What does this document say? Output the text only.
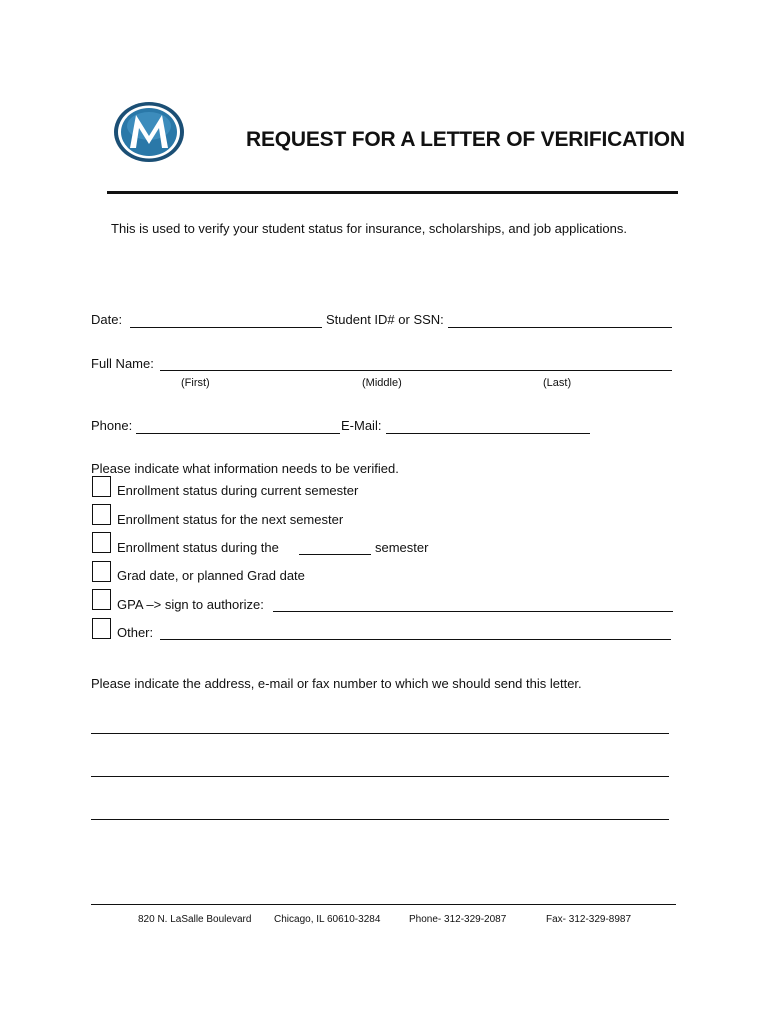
REQUEST FOR A LETTER OF VERIFICATION
This is used to verify your student status for insurance, scholarships, and job applications.
Date:	Student ID# or SSN:
Full Name:
(First)	(Middle)	(Last)
Phone:	E-Mail:
Please indicate what information needs to be verified.
Enrollment status during current semester
Enrollment status for the next semester
Enrollment status during the	semester
Grad date, or planned Grad date
GPA –> sign to authorize:
Other:
Please indicate the address, e-mail or fax number to which we should send this letter.
820 N. LaSalle Boulevard Chicago, IL 60610-3284	Phone- 312-329-2087	Fax- 312-329-8987
